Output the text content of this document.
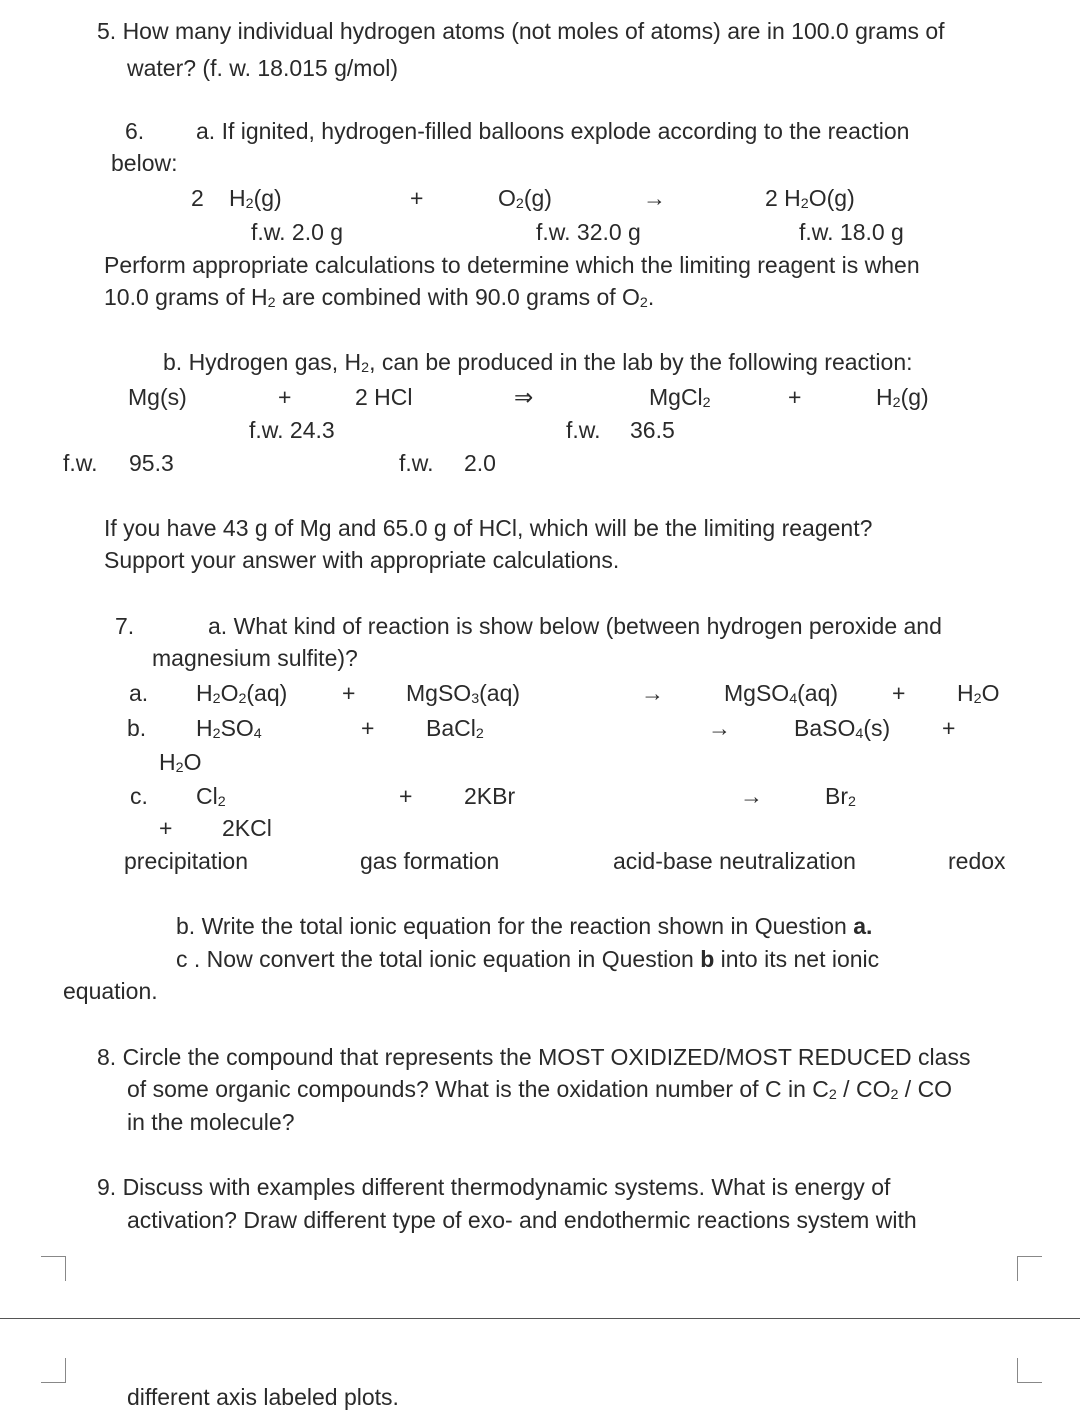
5. How many individual hydrogen atoms (not moles of atoms) are in 100.0 grams of
water? (f. w. 18.015 g/mol)
6. a. If ignited, hydrogen-filled balloons explode according to the reaction
below:
2 $H_2(g)$	+	$O_2(g)$	→	2 $H_2O(g)$
f.w. 2.0 g	f.w. 32.0 g	f.w. 18.0 g
Perform appropriate calculations to determine which the limiting reagent is when
10.0 grams of $H_2$ are combined with 90.0 grams of $O_2$.
b. Hydrogen gas, $H_2$, can be produced in the lab by the following reaction:
Mg(s)	+	2 HCl	⇒	MgCl$_2$	+	$H_2(g)$
f.w. 24.3	f.w. 36.5
f.w. 95.3	f.w. 2.0
If you have 43 g of Mg and 65.0 g of HCl, which will be the limiting reagent?
Support your answer with appropriate calculations.
7.	a. What kind of reaction is show below (between hydrogen peroxide and
magnesium sulfite)?
a. $H_2O_2(aq)$ + MgSO$_3$(aq)	→	MgSO$_4$(aq) + $H_2O$
b. $H_2SO_4$	+ BaCl$_2$	→	BaSO$_4$(s) +
$H_2O$
c. $Cl_2$	+ 2KBr	→	$Br_2$
+ 2KCl
precipitation	gas formation	acid-base neutralization	redox
b. Write the total ionic equation for the reaction shown in Question a.
c . Now convert the total ionic equation in Question b into its net ionic
equation.
8. Circle the compound that represents the MOST OXIDIZED/MOST REDUCED class
of some organic compounds? What is the oxidation number of C in $C_2 / CO_2$ / CO
in the molecule?
9. Discuss with examples different thermodynamic systems. What is energy of
activation? Draw different type of exo- and endothermic reactions system with
different axis labeled plots.
